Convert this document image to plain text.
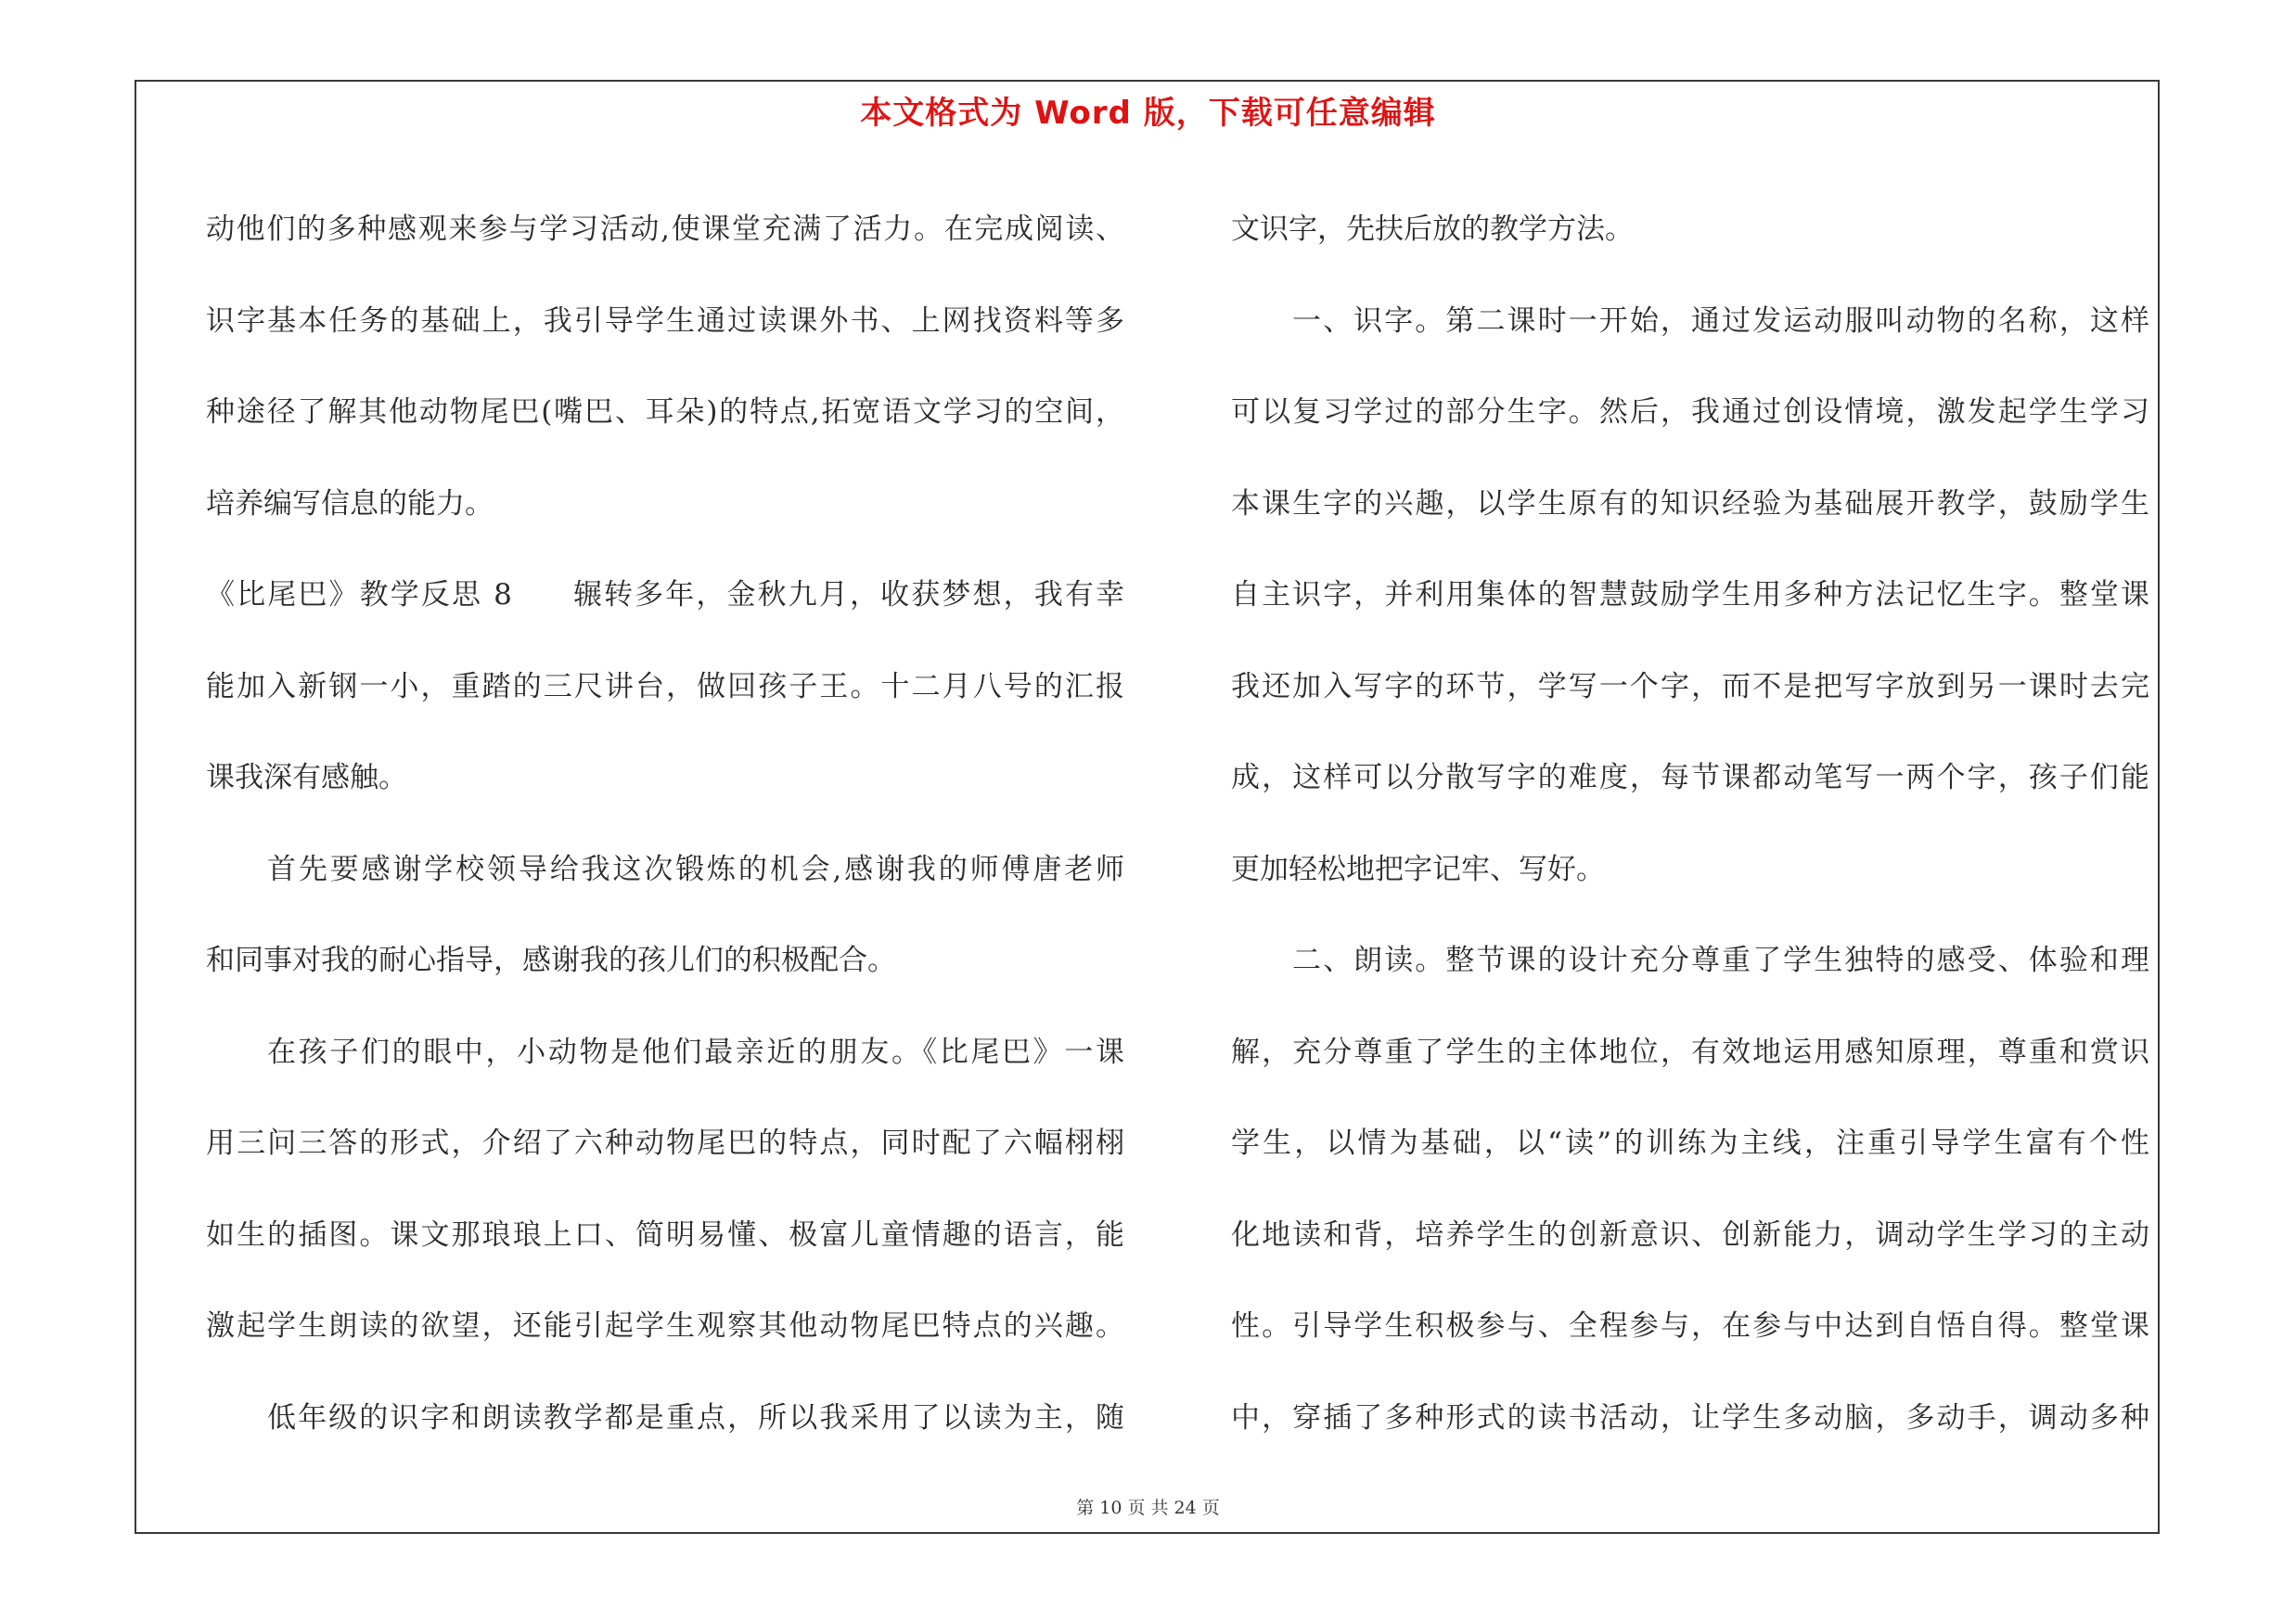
本文格式为 Word 版，下载可任意编辑
动他们的多种感观来参与学习活动,使课堂充满了活力。在完成阅读、
识字基本任务的基础上，我引导学生通过读课外书、上网找资料等多
种途径了解其他动物尾巴(嘴巴、耳朵)的特点,拓宽语文学习的空间，
培养编写信息的能力。
《比尾巴》教学反思 8 辗转多年，金秋九月，收获梦想，我有幸
能加入新钢一小，重踏的三尺讲台，做回孩子王。十二月八号的汇报
课我深有感触。
首先要感谢学校领导给我这次锻炼的机会,感谢我的师傅唐老师
和同事对我的耐心指导，感谢我的孩儿们的积极配合。
在孩子们的眼中，小动物是他们最亲近的朋友。《比尾巴》一课
用三问三答的形式，介绍了六种动物尾巴的特点，同时配了六幅栩栩
如生的插图。课文那琅琅上口、简明易懂、极富儿童情趣的语言，能
激起学生朗读的欲望，还能引起学生观察其他动物尾巴特点的兴趣。
低年级的识字和朗读教学都是重点，所以我采用了以读为主，随
文识字，先扶后放的教学方法。
一、识字。第二课时一开始，通过发运动服叫动物的名称，这样
可以复习学过的部分生字。然后，我通过创设情境，激发起学生学习
本课生字的兴趣，以学生原有的知识经验为基础展开教学，鼓励学生
自主识字，并利用集体的智慧鼓励学生用多种方法记忆生字。整堂课
我还加入写字的环节，学写一个字，而不是把写字放到另一课时去完
成，这样可以分散写字的难度，每节课都动笔写一两个字，孩子们能
更加轻松地把字记牢、写好。
二、朗读。整节课的设计充分尊重了学生独特的感受、体验和理
解，充分尊重了学生的主体地位，有效地运用感知原理，尊重和赏识
学生，以情为基础，以“读”的训练为主线，注重引导学生富有个性
化地读和背，培养学生的创新意识、创新能力，调动学生学习的主动
性。引导学生积极参与、全程参与，在参与中达到自悟自得。整堂课
中，穿插了多种形式的读书活动，让学生多动脑，多动手，调动多种
第 10 页 共 24 页
